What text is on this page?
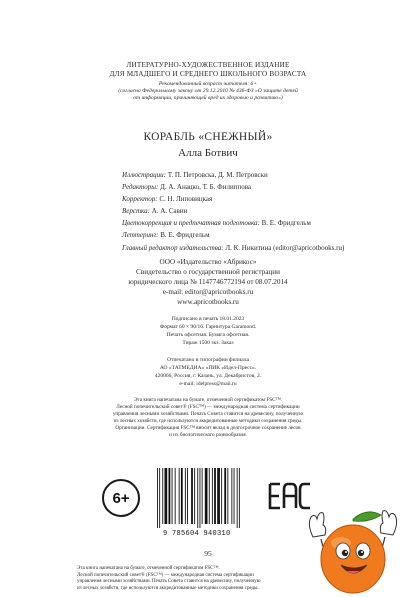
ЛИТЕРАТУРНО-ХУДОЖЕСТВЕННОЕ ИЗДАНИЕ
ДЛЯ МЛАДШЕГО И СРЕДНЕГО ШКОЛЬНОГО ВОЗРАСТА
Рекомендованный возраст читателя: 6+
(согласно Федеральному закону от 29.12.2010 № 436-ФЗ «О защите детей
от информации, причиняющей вред их здоровью и развитию»)
КОРАБЛЬ «СНЕЖНЫЙ»
Алла Ботвич
Иллюстрации: Т. П. Петровска, Д. М. Петровски
Редакторы: Д. А. Анацко, Т. Б. Филиппова
Корректор: С. Н. Липовицкая
Верстка: А. А. Савин
Цветокоррекция и предпечатная подготовка: В. Е. Фридгельм
Леттеринг: В. Е. Фридгельм
Главный редактор издательства: Л. К. Никитина (editor@apricotbooks.ru)
ООО «Издательство «Абрикос»
Свидетельство о государственной регистрации
юридического лица № 1147746772194 от 08.07.2014
e-mail: editor@apricotbooks.ru
www.apricotbooks.ru
Подписано в печать 18.01.2023
Формат 60 × 90/16. Гарнитура Garamond.
Печать офсетная. Бумага офсетная.
Тираж 1500 экз. Заказ
Отпечатано в типографии филиала
АО «ТАТМЕДИА» «ПИК «Идел-Пресс».
420066, Россия, г. Казань, ул. Декабристов, 2.
e-mail: idelpress@mail.ru
Эта книга напечатана на бумаге, отмеченной сертификатом FSC™.
Лесной попечительский совет® (FSC™) — международная система сертификации
управления лесными хозяйствами. Печать Совета ставится на древесину, полученную
из лесных хозяйств, где используются аккредитованные методики сохранения среды.
Организации. Сертификация FSC™ вносит вклад в долгосрочное сохранение лесов
и их биологического разнообразия.
6+
9 785604 940310
95
Эта книга напечатана на бумаге, отмеченной сертификатом FSC™.
Лесной попечительский совет® (FSC™) — международная система сертификации
управления лесными хозяйствами. Печать Совета ставится на древесину, полученную
из лесных хозяйств, где используются аккредитованные методики сохранения среды.
